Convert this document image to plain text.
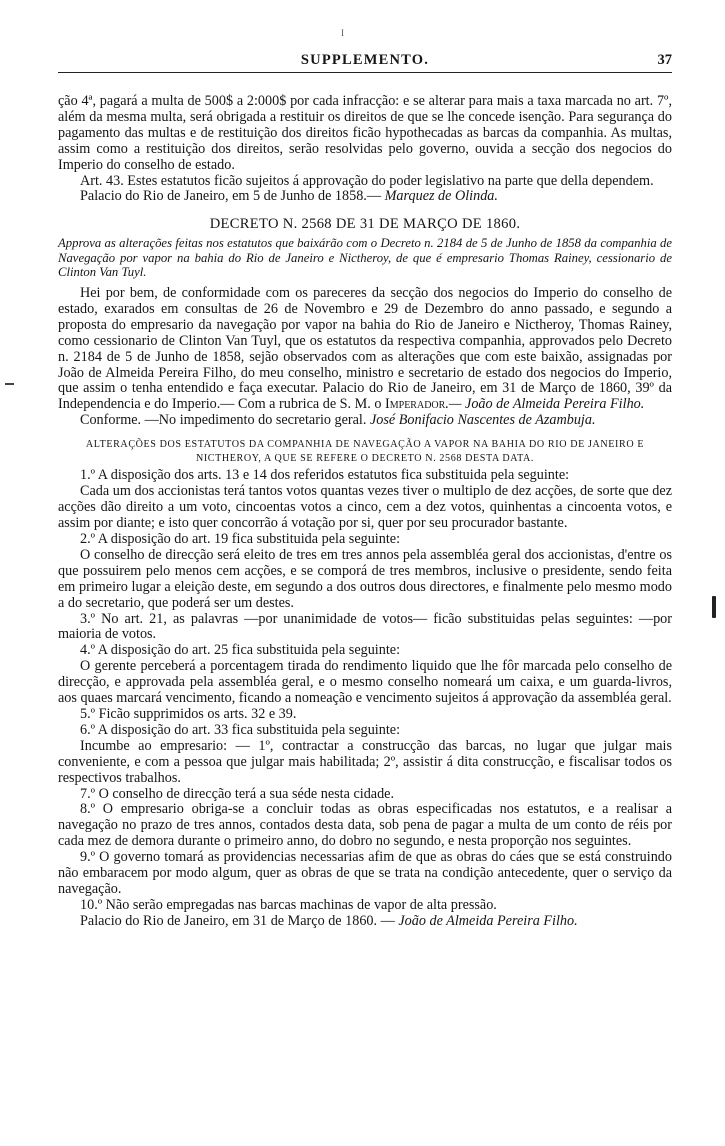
I
SUPPLEMENTO.	37

ção 4ª, pagará a multa de 500$ a 2:000$ por cada infracção: e se alterar para mais a taxa marcada no art. 7º, além da mesma multa, será obrigada a restituir os direitos de que se lhe concede isenção. Para segurança do pagamento das multas e de restituição dos direitos ficão hypothecadas as barcas da companhia. As multas, assim como a restituição dos direitos, serão resolvidas pelo governo, ouvida a secção dos negocios do Imperio do conselho de estado.

Art. 43. Estes estatutos ficão sujeitos á approvação do poder legislativo na parte que della dependem.

Palacio do Rio de Janeiro, em 5 de Junho de 1858.— Marquez de Olinda.

DECRETO N. 2568 DE 31 DE MARÇO DE 1860.

Approva as alterações feitas nos estatutos que baixárão com o Decreto n. 2184 de 5 de Junho de 1858 da companhia de Navegação por vapor na bahia do Rio de Janeiro e Nictheroy, de que é empresario Thomas Rainey, cessionario de Clinton Van Tuyl.

Hei por bem, de conformidade com os pareceres da secção dos negocios do Imperio do conselho de estado, exarados em consultas de 26 de Novembro e 29 de Dezembro do anno passado, e segundo a proposta do empresario da navegação por vapor na bahia do Rio de Janeiro e Nictheroy, Thomas Rainey, como cessionario de Clinton Van Tuyl, que os estatutos da respectiva companhia, approvados pelo Decreto n. 2184 de 5 de Junho de 1858, sejão observados com as alterações que com este baixão, assignadas por João de Almeida Pereira Filho, do meu conselho, ministro e secretario de estado dos negocios do Imperio, que assim o tenha entendido e faça executar. Palacio do Rio de Janeiro, em 31 de Março de 1860, 39º da Independencia e do Imperio.— Com a rubrica de S. M. o Imperador.— João de Almeida Pereira Filho.

Conforme. —No impedimento do secretario geral. José Bonifacio Nascentes de Azambuja.

ALTERAÇÕES DOS ESTATUTOS DA COMPANHIA DE NAVEGAÇÃO A VAPOR NA BAHIA DO RIO DE JANEIRO E NICTHEROY, A QUE SE REFERE O DECRETO N. 2568 DESTA DATA.

1.º A disposição dos arts. 13 e 14 dos referidos estatutos fica substituida pela seguinte:

Cada um dos accionistas terá tantos votos quantas vezes tiver o multiplo de dez acções, de sorte que dez acções dão direito a um voto, cincoentas votos a cinco, cem a dez votos, quinhentas a cincoenta votos, e assim por diante; e isto quer concorrão á votação por si, quer por seu procurador bastante.

2.º A disposição do art. 19 fica substituida pela seguinte:

O conselho de direcção será eleito de tres em tres annos pela assembléa geral dos accionistas, d'entre os que possuirem pelo menos cem acções, e se comporá de tres membros, inclusive o presidente, sendo feita em primeiro lugar a eleição deste, em segundo a dos outros dous directores, e finalmente pelo mesmo modo a do secretario, que poderá ser um destes.

3.º No art. 21, as palavras —por unanimidade de votos— ficão substituidas pelas seguintes: —por maioria de votos.

4.º A disposição do art. 25 fica substituida pela seguinte:

O gerente perceberá a porcentagem tirada do rendimento liquido que lhe fôr marcada pelo conselho de direcção, e approvada pela assembléa geral, e o mesmo conselho nomeará um caixa, e um guarda-livros, aos quaes marcará vencimento, ficando a nomeação e vencimento sujeitos á approvação da assembléa geral.

5.º Ficão supprimidos os arts. 32 e 39.

6.º A disposição do art. 33 fica substituida pela seguinte:

Incumbe ao empresario: — 1º, contractar a construcção das barcas, no lugar que julgar mais conveniente, e com a pessoa que julgar mais habilitada; 2º, assistir á dita construcção, e fiscalisar todos os respectivos trabalhos.

7.º O conselho de direcção terá a sua séde nesta cidade.

8.º O empresario obriga-se a concluir todas as obras especificadas nos estatutos, e a realisar a navegação no prazo de tres annos, contados desta data, sob pena de pagar a multa de um conto de réis por cada mez de demora durante o primeiro anno, do dobro no segundo, e nesta proporção nos seguintes.

9.º O governo tomará as providencias necessarias afim de que as obras do cáes que se está construindo não embaracem por modo algum, quer as obras de que se trata na condição antecedente, quer o serviço da navegação.

10.º Não serão empregadas nas barcas machinas de vapor de alta pressão.

Palacio do Rio de Janeiro, em 31 de Março de 1860. — João de Almeida Pereira Filho.
